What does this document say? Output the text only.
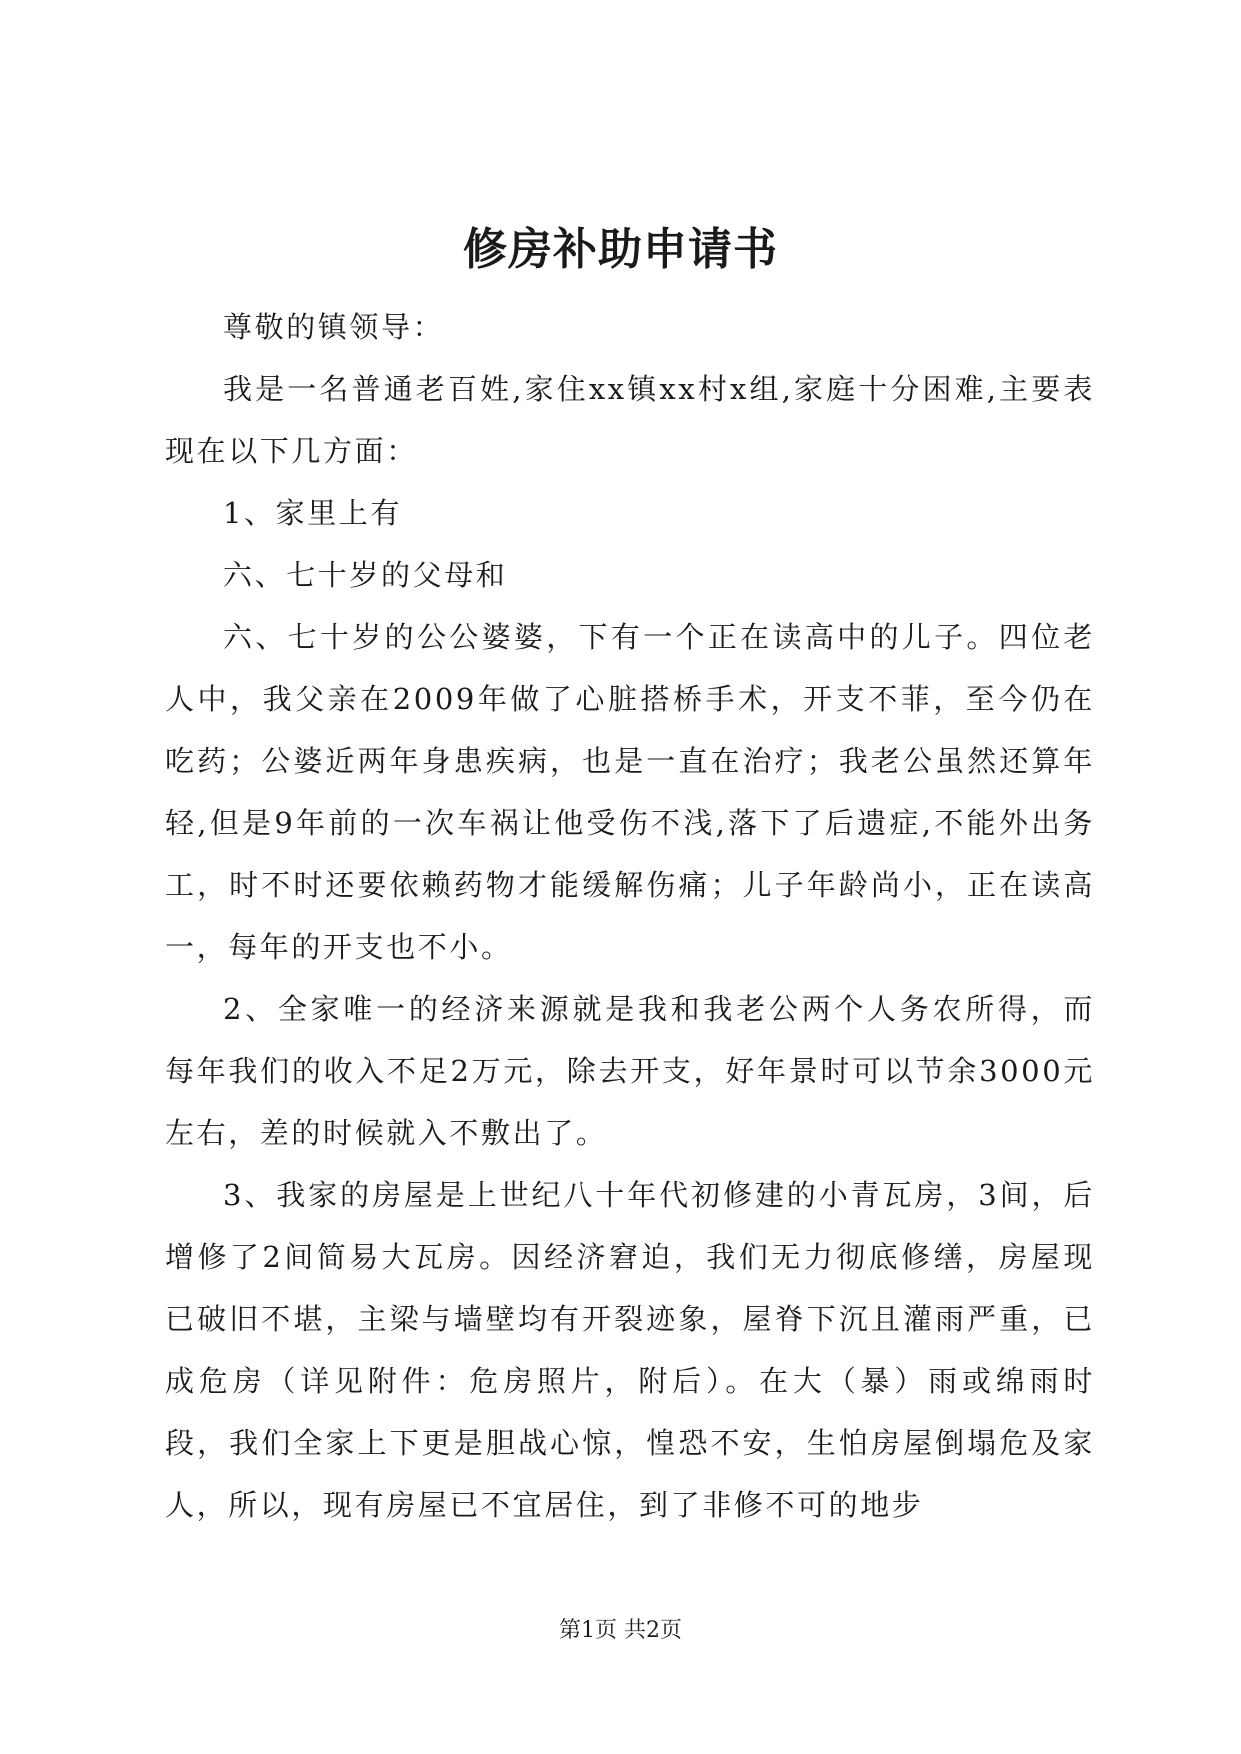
修房补助申请书

尊敬的镇领导：

我是一名普通老百姓,家住xx镇xx村x组,家庭十分困难,主要表现在以下几方面：

1、家里上有

六、七十岁的父母和

六、七十岁的公公婆婆，下有一个正在读高中的儿子。四位老人中，我父亲在2009年做了心脏搭桥手术，开支不菲，至今仍在吃药；公婆近两年身患疾病，也是一直在治疗；我老公虽然还算年轻,但是9年前的一次车祸让他受伤不浅,落下了后遗症,不能外出务工，时不时还要依赖药物才能缓解伤痛；儿子年龄尚小，正在读高一，每年的开支也不小。

2、全家唯一的经济来源就是我和我老公两个人务农所得，而每年我们的收入不足2万元，除去开支，好年景时可以节余3000元左右，差的时候就入不敷出了。

3、我家的房屋是上世纪八十年代初修建的小青瓦房，3间，后增修了2间简易大瓦房。因经济窘迫，我们无力彻底修缮，房屋现已破旧不堪，主梁与墙壁均有开裂迹象，屋脊下沉且灌雨严重，已成危房（详见附件：危房照片，附后）。在大（暴）雨或绵雨时段，我们全家上下更是胆战心惊，惶恐不安，生怕房屋倒塌危及家人，所以，现有房屋已不宜居住，到了非修不可的地步

第1页 共2页
